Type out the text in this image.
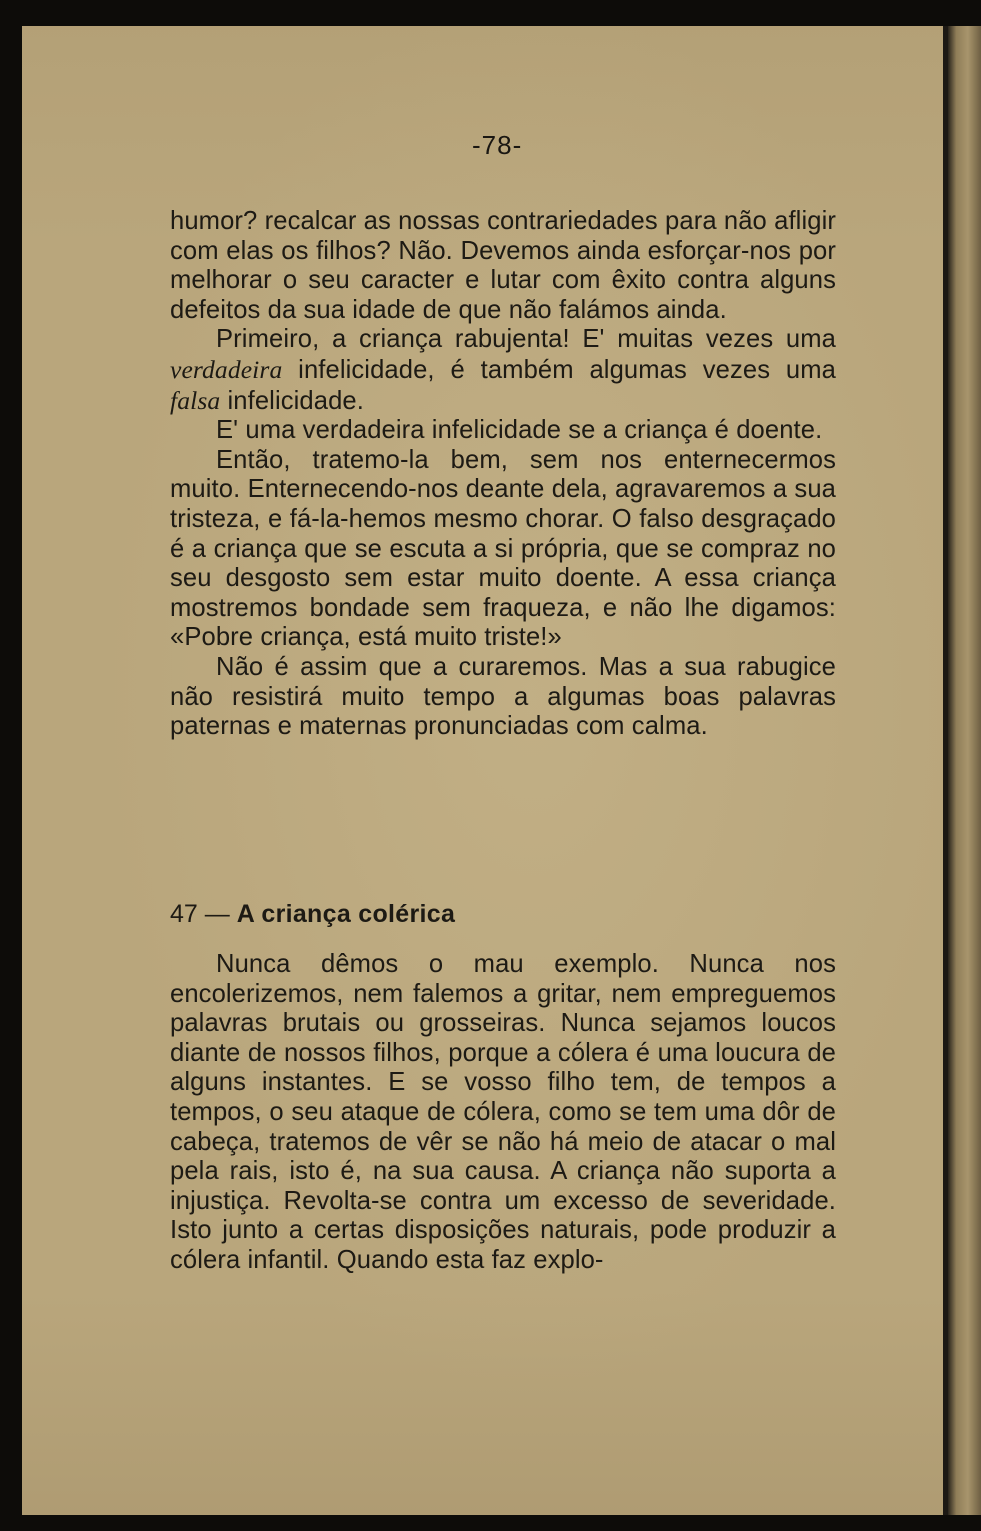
-78-

humor? recalcar as nossas contrariedades para não afligir com elas os filhos? Não. Devemos ainda esforçar-nos por melhorar o seu caracter e lutar com êxito contra alguns defeitos da sua idade de que não falámos ainda.

Primeiro, a criança rabujenta! E' muitas vezes uma verdadeira infelicidade, é também algumas vezes uma falsa infelicidade.

E' uma verdadeira infelicidade se a criança é doente.

Então, tratemo-la bem, sem nos enternecermos muito. Enternecendo-nos deante dela, agravaremos a sua tristeza, e fá-la-hemos mesmo chorar. O falso desgraçado é a criança que se escuta a si própria, que se compraz no seu desgosto sem estar muito doente. A essa criança mostremos bondade sem fraqueza, e não lhe digamos: «Pobre criança, está muito triste!»

Não é assim que a curaremos. Mas a sua rabugice não resistirá muito tempo a algumas boas palavras paternas e maternas pronunciadas com calma.

47 — A criança colérica

Nunca dêmos o mau exemplo. Nunca nos encolerizemos, nem falemos a gritar, nem empreguemos palavras brutais ou grosseiras. Nunca sejamos loucos diante de nossos filhos, porque a cólera é uma loucura de alguns instantes. E se vosso filho tem, de tempos a tempos, o seu ataque de cólera, como se tem uma dôr de cabeça, tratemos de vêr se não há meio de atacar o mal pela rais, isto é, na sua causa. A criança não suporta a injustiça. Revolta-se contra um excesso de severidade. Isto junto a certas disposições naturais, pode produzir a cólera infantil. Quando esta faz explo-
